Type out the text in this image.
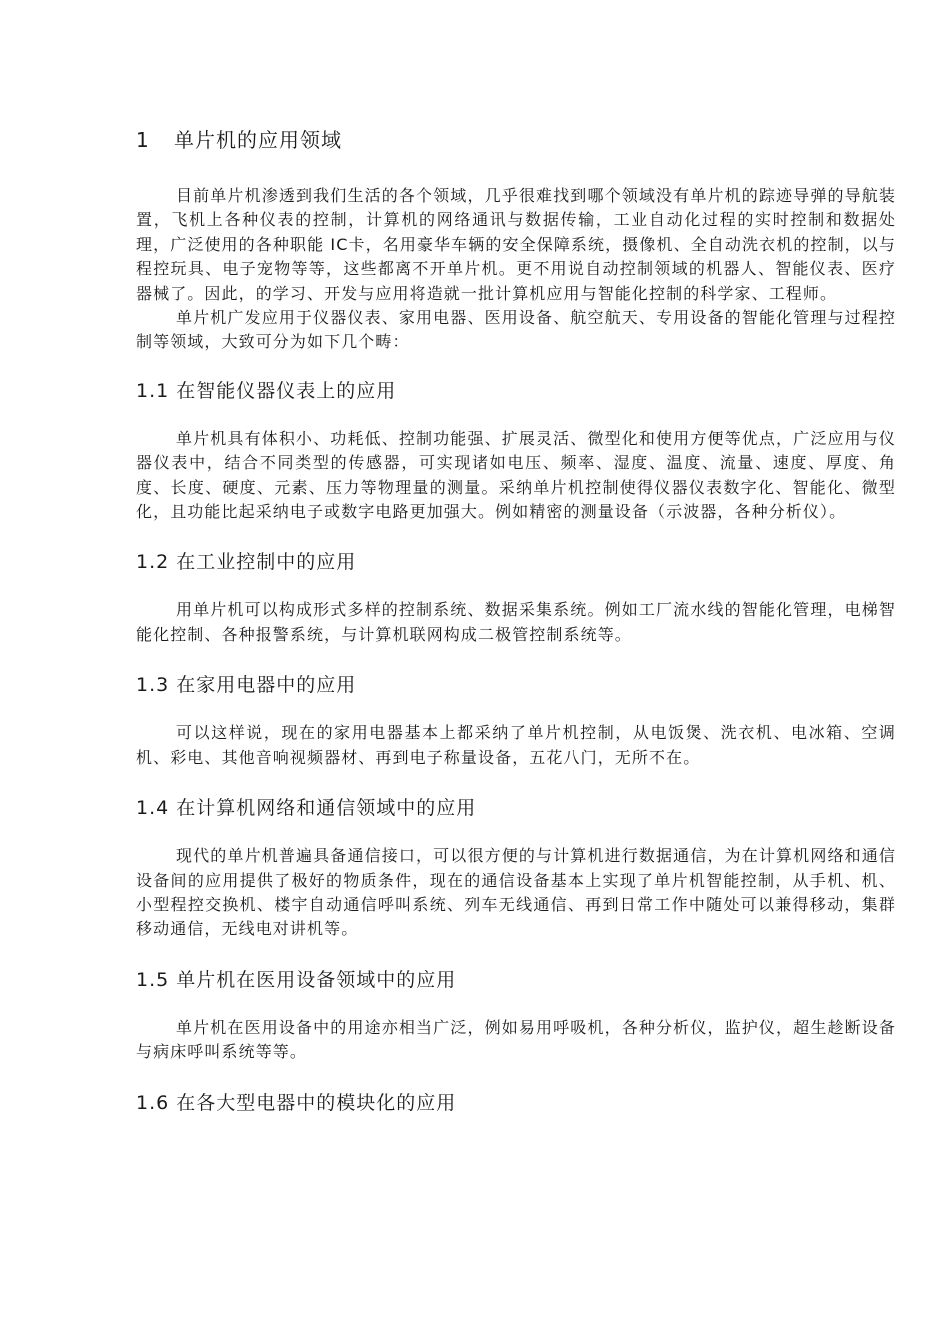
1 单片机的应用领域

目前单片机渗透到我们生活的各个领域，几乎很难找到哪个领域没有单片机的踪迹导弹的导航装置，飞机上各种仪表的控制，计算机的网络通讯与数据传输，工业自动化过程的实时控制和数据处理，广泛使用的各种职能 IC卡，名用豪华车辆的安全保障系统，摄像机、全自动洗衣机的控制，以与程控玩具、电子宠物等等，这些都离不开单片机。更不用说自动控制领域的机器人、智能仪表、医疗器械了。因此，的学习、开发与应用将造就一批计算机应用与智能化控制的科学家、工程师。

单片机广发应用于仪器仪表、家用电器、医用设备、航空航天、专用设备的智能化管理与过程控制等领域，大致可分为如下几个畴：

1.1 在智能仪器仪表上的应用

单片机具有体积小、功耗低、控制功能强、扩展灵活、微型化和使用方便等优点，广泛应用与仪器仪表中，结合不同类型的传感器，可实现诸如电压、频率、湿度、温度、流量、速度、厚度、角度、长度、硬度、元素、压力等物理量的测量。采纳单片机控制使得仪器仪表数字化、智能化、微型化，且功能比起采纳电子或数字电路更加强大。例如精密的测量设备（示波器，各种分析仪）。

1.2 在工业控制中的应用

用单片机可以构成形式多样的控制系统、数据采集系统。例如工厂流水线的智能化管理，电梯智能化控制、各种报警系统，与计算机联网构成二极管控制系统等。

1.3 在家用电器中的应用

可以这样说，现在的家用电器基本上都采纳了单片机控制，从电饭煲、洗衣机、电冰箱、空调机、彩电、其他音响视频器材、再到电子称量设备，五花八门，无所不在。

1.4 在计算机网络和通信领域中的应用

现代的单片机普遍具备通信接口，可以很方便的与计算机进行数据通信，为在计算机网络和通信设备间的应用提供了极好的物质条件，现在的通信设备基本上实现了单片机智能控制，从手机、机、小型程控交换机、楼宇自动通信呼叫系统、列车无线通信、再到日常工作中随处可以兼得移动，集群移动通信，无线电对讲机等。

1.5 单片机在医用设备领域中的应用

单片机在医用设备中的用途亦相当广泛，例如易用呼吸机，各种分析仪，监护仪，超生趁断设备与病床呼叫系统等等。

1.6 在各大型电器中的模块化的应用
